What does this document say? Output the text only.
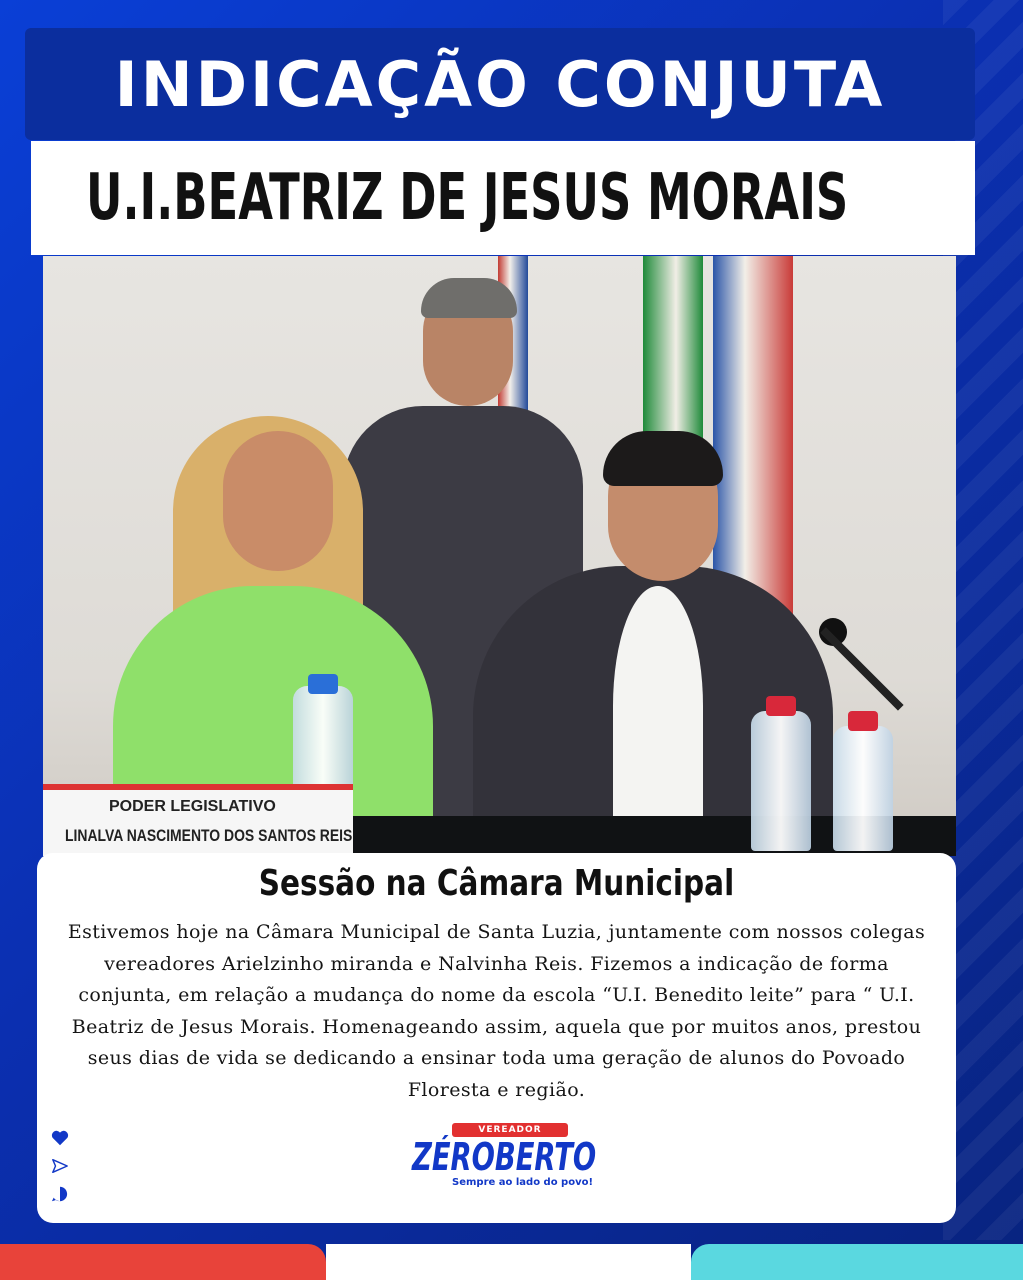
INDICAÇÃO CONJUTA
U.I.BEATRIZ DE JESUS MORAIS
PODER LEGISLATIVO
LINALVA NASCIMENTO DOS SANTOS REIS
Sessão na Câmara Municipal
Estivemos hoje na Câmara Municipal de Santa Luzia, juntamente com nossos colegas vereadores Arielzinho miranda e Nalvinha Reis. Fizemos a indicação de forma conjunta, em relação a mudança do nome da escola “U.I. Benedito leite” para “ U.I. Beatriz de Jesus Morais. Homenageando assim, aquela que por muitos anos, prestou seus dias de vida se dedicando a ensinar toda uma geração de alunos do Povoado Floresta e região.
VEREADOR
ZÉROBERTO
Sempre ao lado do povo!
